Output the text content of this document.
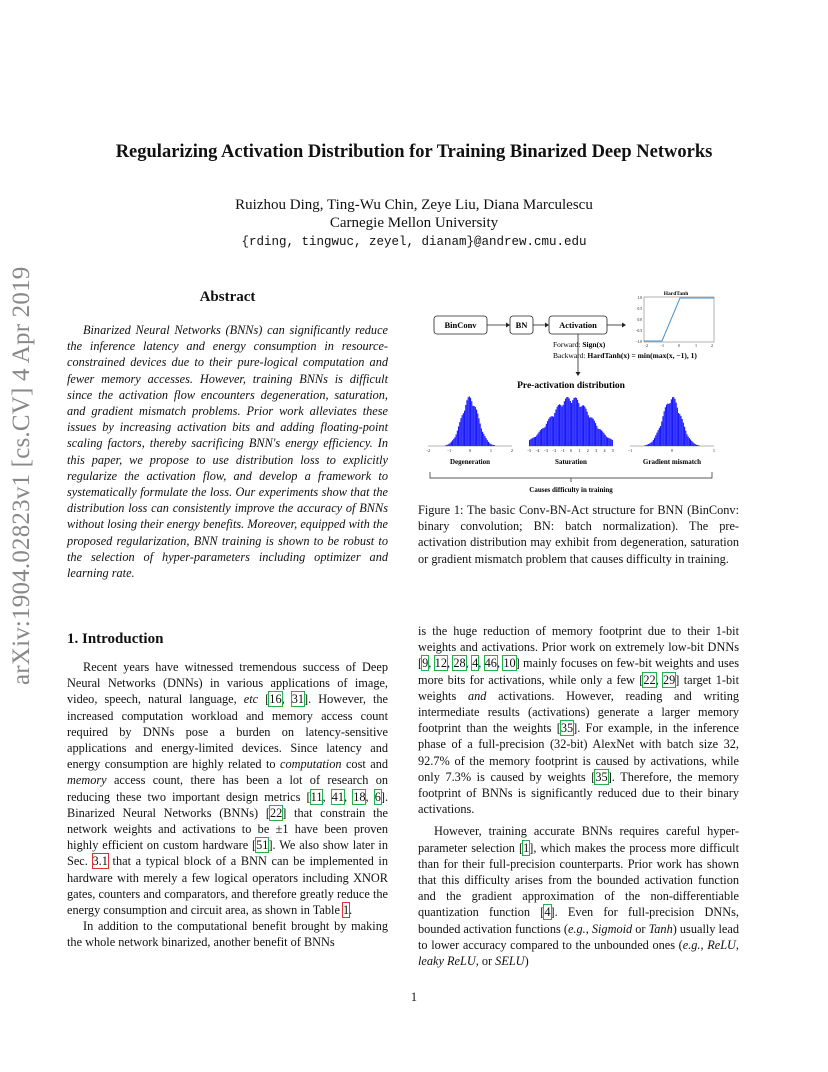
Regularizing Activation Distribution for Training Binarized Deep Networks
Ruizhou Ding, Ting-Wu Chin, Zeye Liu, Diana Marculescu
Carnegie Mellon University
{rding, tingwuc, zeyel, dianam}@andrew.cmu.edu
arXiv:1904.02823v1 [cs.CV] 4 Apr 2019	Abstract
Binarized Neural Networks (BNNs) can significantly reduce the inference latency and energy consumption in resource-constrained devices due to their pure-logical computation and fewer memory accesses. However, training BNNs is difficult since the activation flow encounters degeneration, saturation, and gradient mismatch problems. Prior work alleviates these issues by increasing activation bits and adding floating-point scaling factors, thereby sacrificing BNN's energy efficiency. In this paper, we propose to use distribution loss to explicitly regularize the activation flow, and develop a framework to systematically formulate the loss. Our experiments show that the distribution loss can consistently improve the accuracy of BNNs without losing their energy benefits. Moreover, equipped with the proposed regularization, BNN training is shown to be robust to the selection of hyper-parameters including optimizer and learning rate.
BinConv	BN	Activation
Forward: Sign(x)
Backward: HardTanh(x) = min(max(x, −1), 1)
HardTanh
1.0
0.5
0.0
−0.5
−1.0
−2	−1	0	1	2
Pre-activation distribution
−2	−1	0	1	2	−5 −4 −3 −2 −1 0 1 2 3 4 5	−1	0	1
Degeneration	Saturation	Gradient mismatch
Causes difficulty in training
Figure 1: The basic Conv-BN-Act structure for BNN (BinConv: binary convolution; BN: batch normalization). The pre-activation distribution may exhibit from degeneration, saturation or gradient mismatch problem that causes difficulty in training.
1. Introduction

Recent years have witnessed tremendous success of Deep Neural Networks (DNNs) in various applications of image, video, speech, natural language, etc [16, 31]. However, the increased computation workload and memory access count required by DNNs pose a burden on latency-sensitive applications and energy-limited devices. Since latency and energy consumption are highly related to computation cost and memory access count, there has been a lot of research on reducing these two important design metrics [11, 41, 18, 6]. Binarized Neural Networks (BNNs) [22] that constrain the network weights and activations to be ±1 have been proven highly efficient on custom hardware [51]. We also show later in Sec. 3.1 that a typical block of a BNN can be implemented in hardware with merely a few logical operators including XNOR gates, counters and comparators, and therefore greatly reduce the energy consumption and circuit area, as shown in Table 1.

In addition to the computational benefit brought by making the whole network binarized, another benefit of BNNs

is the huge reduction of memory footprint due to their 1-bit weights and activations. Prior work on extremely low-bit DNNs [9, 12, 28, 4, 46, 10] mainly focuses on few-bit weights and uses more bits for activations, while only a few [22, 29] target 1-bit weights and activations. However, reading and writing intermediate results (activations) generate a larger memory footprint than the weights [35]. For example, in the inference phase of a full-precision (32-bit) AlexNet with batch size 32, 92.7% of the memory footprint is caused by activations, while only 7.3% is caused by weights [35]. Therefore, the memory footprint of BNNs is significantly reduced due to their binary activations.

However, training accurate BNNs requires careful hyper-parameter selection [1], which makes the process more difficult than for their full-precision counterparts. Prior work has shown that this difficulty arises from the bounded activation function and the gradient approximation of the non-differentiable quantization function [4]. Even for full-precision DNNs, bounded activation functions (e.g., Sigmoid or Tanh) usually lead to lower accuracy compared to the unbounded ones (e.g., ReLU, leaky ReLU, or SELU)

1
